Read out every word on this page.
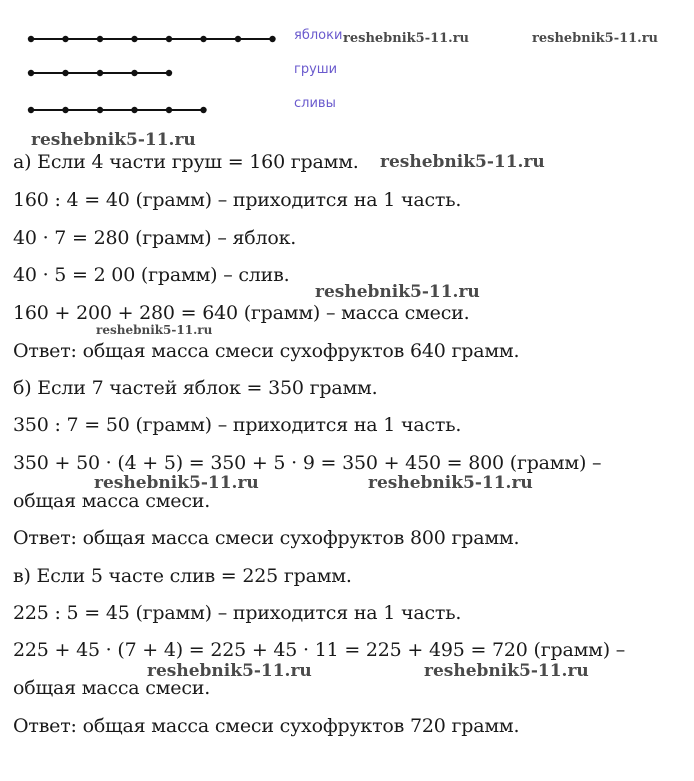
яблоки
груши
сливы
а) Если 4 части груш = 160 грамм.
160 : 4 = 40 (грамм) – приходится на 1 часть.
40 · 7 = 280 (грамм) – яблок.
40 · 5 = 2 00 (грамм) – слив.
160 + 200 + 280 = 640 (грамм) – масса смеси.
Ответ: общая масса смеси сухофруктов 640 грамм.
б) Если 7 частей яблок = 350 грамм.
350 : 7 = 50 (грамм) – приходится на 1 часть.
350 + 50 · (4 + 5) = 350 + 5 · 9 = 350 + 450 = 800 (грамм) –
общая масса смеси.
Ответ: общая масса смеси сухофруктов 800 грамм.
в) Если 5 часте слив = 225 грамм.
225 : 5 = 45 (грамм) – приходится на 1 часть.
225 + 45 · (7 + 4) = 225 + 45 · 11 = 225 + 495 = 720 (грамм) –
общая масса смеси.
Ответ: общая масса смеси сухофруктов 720 грамм.
reshebnik5-11.ru	reshebnik5-11.ru
reshebnik5-11.ru
reshebnik5-11.ru
reshebnik5-11.ru
reshebnik5-11.ru
reshebnik5-11.ru	reshebnik5-11.ru
reshebnik5-11.ru	reshebnik5-11.ru
